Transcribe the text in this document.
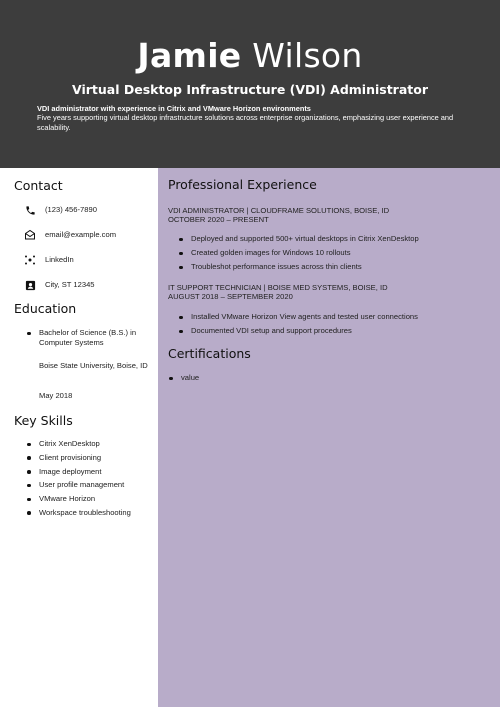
Jamie Wilson
Virtual Desktop Infrastructure (VDI) Administrator
VDI administrator with experience in Citrix and VMware Horizon environments
Five years supporting virtual desktop infrastructure solutions across enterprise organizations, emphasizing user experience and scalability.
Contact
(123) 456-7890
email@example.com
LinkedIn
City, ST 12345
Education
Bachelor of Science (B.S.) in Computer Systems
Boise State University, Boise, ID
May 2018
Key Skills
Citrix XenDesktop
Client provisioning
Image deployment
User profile management
VMware Horizon
Workspace troubleshooting
Professional Experience
VDI ADMINISTRATOR | CLOUDFRAME SOLUTIONS, BOISE, ID
OCTOBER 2020 – PRESENT
Deployed and supported 500+ virtual desktops in Citrix XenDesktop
Created golden images for Windows 10 rollouts
Troubleshot performance issues across thin clients
IT SUPPORT TECHNICIAN | BOISE MED SYSTEMS, BOISE, ID
AUGUST 2018 – SEPTEMBER 2020
Installed VMware Horizon View agents and tested user connections
Documented VDI setup and support procedures
Certifications
value
